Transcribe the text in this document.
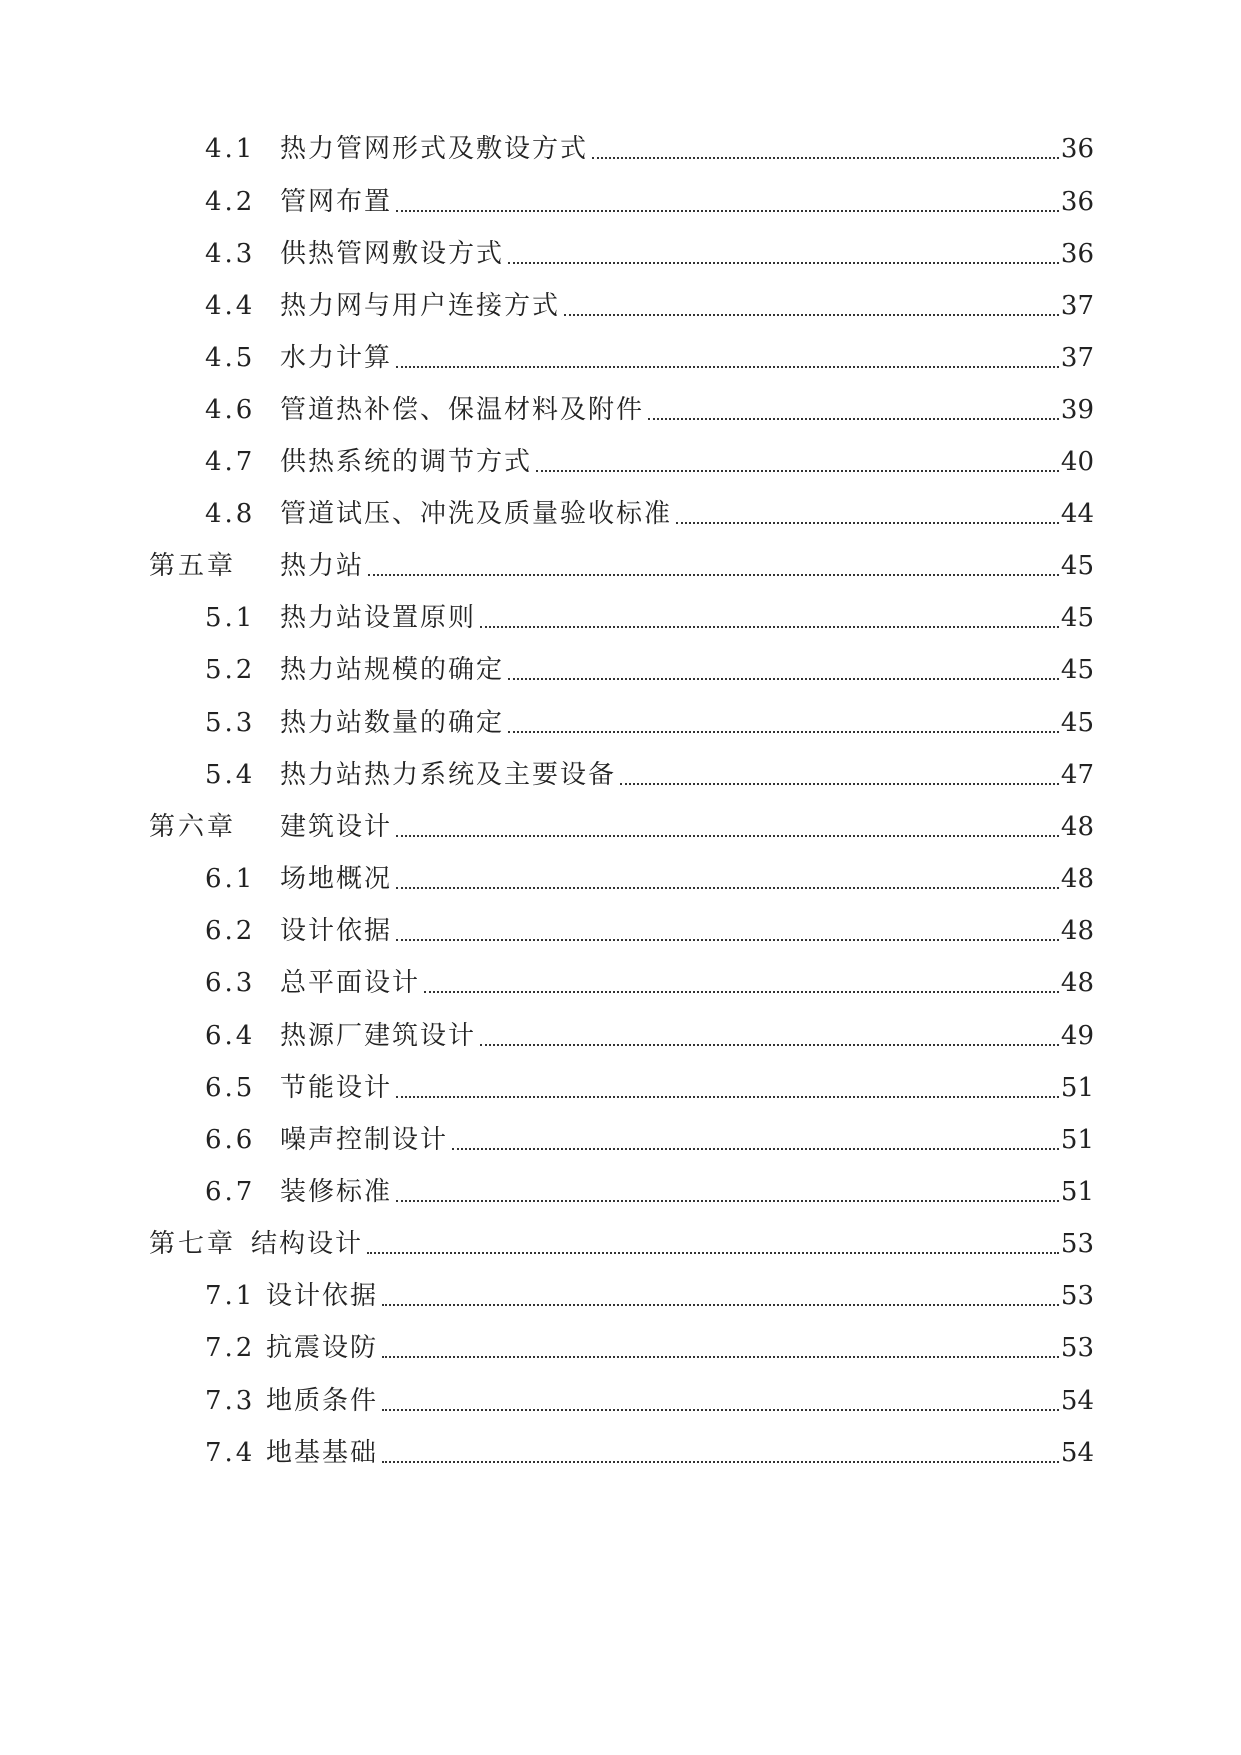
4.1 热力管网形式及敷设方式	36
4.2 管网布置	36
4.3 供热管网敷设方式	36
4.4 热力网与用户连接方式	37
4.5 水力计算	37
4.6 管道热补偿、保温材料及附件	39
4.7 供热系统的调节方式	40
4.8 管道试压、冲洗及质量验收标准	44
第五章 热力站	45
5.1 热力站设置原则	45
5.2 热力站规模的确定	45
5.3 热力站数量的确定	45
5.4 热力站热力系统及主要设备	47
第六章 建筑设计	48
6.1 场地概况	48
6.2 设计依据	48
6.3 总平面设计	48
6.4 热源厂建筑设计	49
6.5 节能设计	51
6.6 噪声控制设计	51
6.7 装修标准	51
第七章 结构设计	53
7.1 设计依据	53
7.2 抗震设防	53
7.3 地质条件	54
7.4 地基基础	54
